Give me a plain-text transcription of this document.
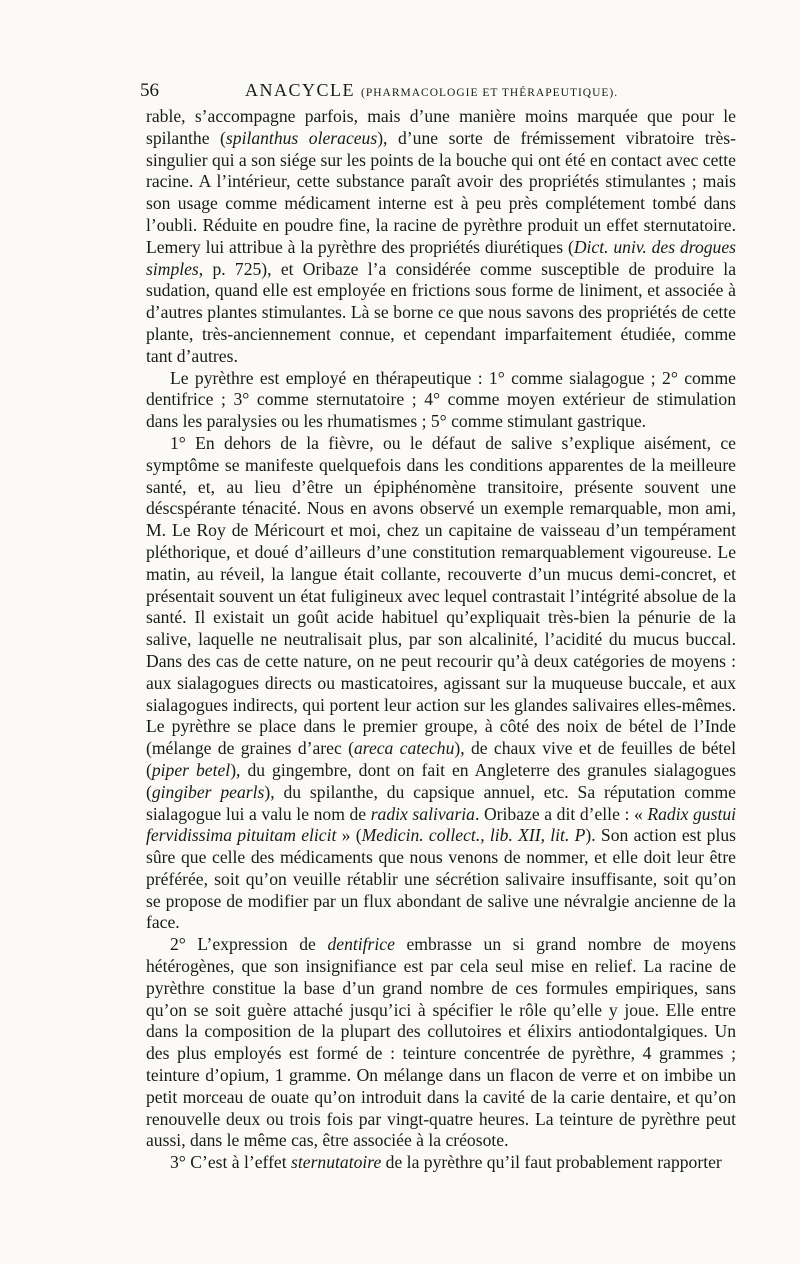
56	ANACYCLE (PHARMACOLOGIE ET THÉRAPEUTIQUE).

rable, s’accompagne parfois, mais d’une manière moins marquée que pour le spilanthe (spilanthus oleraceus), d’une sorte de frémissement vibratoire très-singulier qui a son siége sur les points de la bouche qui ont été en contact avec cette racine. A l’intérieur, cette substance paraît avoir des propriétés stimulantes ; mais son usage comme médicament interne est à peu près complétement tombé dans l’oubli. Réduite en poudre fine, la racine de pyrèthre produit un effet sternutatoire. Lemery lui attribue à la pyrèthre des propriétés diurétiques (Dict. univ. des drogues simples, p. 725), et Oribaze l’a considérée comme susceptible de produire la sudation, quand elle est employée en frictions sous forme de liniment, et associée à d’autres plantes stimulantes. Là se borne ce que nous savons des propriétés de cette plante, très-anciennement connue, et cependant imparfaitement étudiée, comme tant d’autres.

Le pyrèthre est employé en thérapeutique : 1° comme sialagogue ; 2° comme dentifrice ; 3° comme sternutatoire ; 4° comme moyen extérieur de stimulation dans les paralysies ou les rhumatismes ; 5° comme stimulant gastrique.

1° En dehors de la fièvre, ou le défaut de salive s’explique aisément, ce symptôme se manifeste quelquefois dans les conditions apparentes de la meilleure santé, et, au lieu d’être un épiphénomène transitoire, présente souvent une déscspérante ténacité. Nous en avons observé un exemple remarquable, mon ami, M. Le Roy de Méricourt et moi, chez un capitaine de vaisseau d’un tempérament pléthorique, et doué d’ailleurs d’une constitution remarquablement vigoureuse. Le matin, au réveil, la langue était collante, recouverte d’un mucus demi-concret, et présentait souvent un état fuligineux avec lequel contrastait l’intégrité absolue de la santé. Il existait un goût acide habituel qu’expliquait très-bien la pénurie de la salive, laquelle ne neutralisait plus, par son alcalinité, l’acidité du mucus buccal. Dans des cas de cette nature, on ne peut recourir qu’à deux catégories de moyens : aux sialagogues directs ou masticatoires, agissant sur la muqueuse buccale, et aux sialagogues indirects, qui portent leur action sur les glandes salivaires elles-mêmes. Le pyrèthre se place dans le premier groupe, à côté des noix de bétel de l’Inde (mélange de graines d’arec (areca catechu), de chaux vive et de feuilles de bétel (piper betel), du gingembre, dont on fait en Angleterre des granules sialagogues (gingiber pearls), du spilanthe, du capsique annuel, etc. Sa réputation comme sialagogue lui a valu le nom de radix salivaria. Oribaze a dit d’elle : « Radix gustui fervidissima pituitam elicit » (Medicin. collect., lib. XII, lit. P). Son action est plus sûre que celle des médicaments que nous venons de nommer, et elle doit leur être préférée, soit qu’on veuille rétablir une sécrétion salivaire insuffisante, soit qu’on se propose de modifier par un flux abondant de salive une névralgie ancienne de la face.

2° L’expression de dentifrice embrasse un si grand nombre de moyens hétérogènes, que son insignifiance est par cela seul mise en relief. La racine de pyrèthre constitue la base d’un grand nombre de ces formules empiriques, sans qu’on se soit guère attaché jusqu’ici à spécifier le rôle qu’elle y joue. Elle entre dans la composition de la plupart des collutoires et élixirs antiodontalgiques. Un des plus employés est formé de : teinture concentrée de pyrèthre, 4 grammes ; teinture d’opium, 1 gramme. On mélange dans un flacon de verre et on imbibe un petit morceau de ouate qu’on introduit dans la cavité de la carie dentaire, et qu’on renouvelle deux ou trois fois par vingt-quatre heures. La teinture de pyrèthre peut aussi, dans le même cas, être associée à la créosote.

3° C’est à l’effet sternutatoire de la pyrèthre qu’il faut probablement rapporter
